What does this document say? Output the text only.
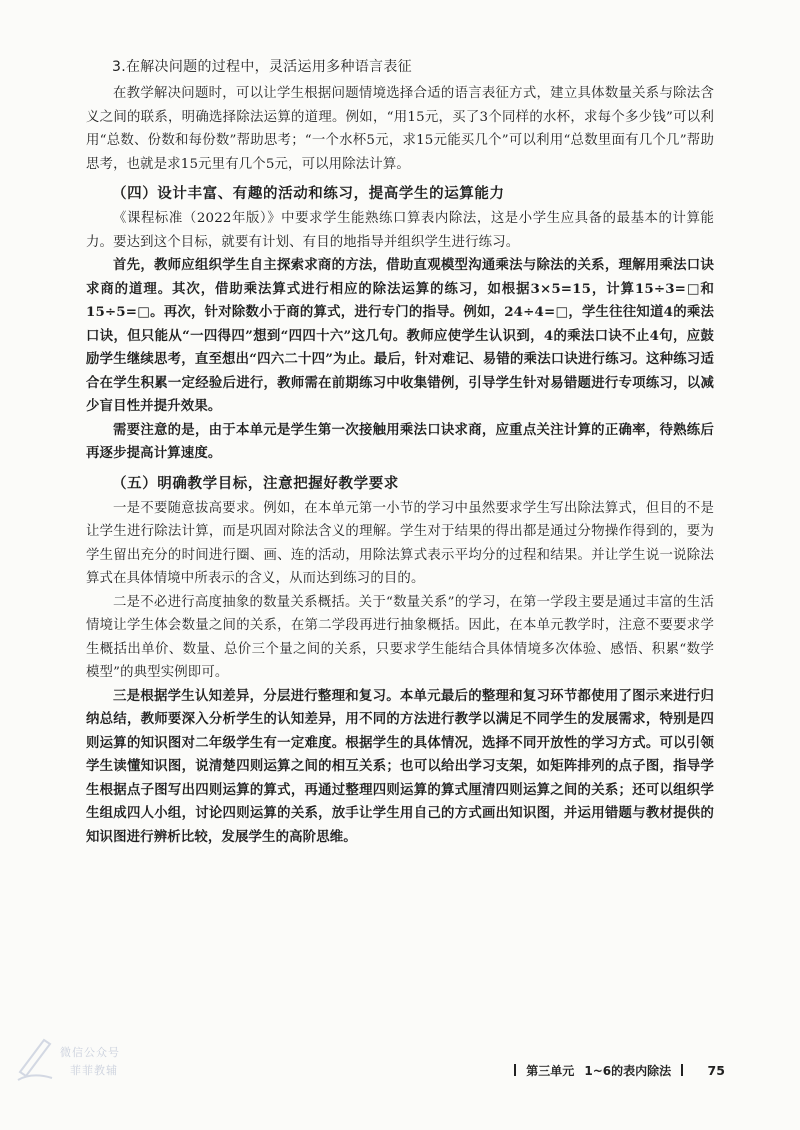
3.在解决问题的过程中，灵活运用多种语言表征

在教学解决问题时，可以让学生根据问题情境选择合适的语言表征方式，建立具体数量关系与除法含义之间的联系，明确选择除法运算的道理。例如，“用15元，买了3个同样的水杯，求每个多少钱”可以利用“总数、份数和每份数”帮助思考；“一个水杯5元，求15元能买几个”可以利用“总数里面有几个几”帮助思考，也就是求15元里有几个5元，可以用除法计算。

（四）设计丰富、有趣的活动和练习，提高学生的运算能力

《课程标准（2022年版）》中要求学生能熟练口算表内除法，这是小学生应具备的最基本的计算能力。要达到这个目标，就要有计划、有目的地指导并组织学生进行练习。

首先，教师应组织学生自主探索求商的方法，借助直观模型沟通乘法与除法的关系，理解用乘法口诀求商的道理。其次，借助乘法算式进行相应的除法运算的练习，如根据3×5=15，计算15÷3=□和15÷5=□。再次，针对除数小于商的算式，进行专门的指导。例如，24÷4=□，学生往往知道4的乘法口诀，但只能从“一四得四”想到“四四十六”这几句。教师应使学生认识到，4的乘法口诀不止4句，应鼓励学生继续思考，直至想出“四六二十四”为止。最后，针对难记、易错的乘法口诀进行练习。这种练习适合在学生积累一定经验后进行，教师需在前期练习中收集错例，引导学生针对易错题进行专项练习，以减少盲目性并提升效果。

需要注意的是，由于本单元是学生第一次接触用乘法口诀求商，应重点关注计算的正确率，待熟练后再逐步提高计算速度。

（五）明确教学目标，注意把握好教学要求

一是不要随意拔高要求。例如，在本单元第一小节的学习中虽然要求学生写出除法算式，但目的不是让学生进行除法计算，而是巩固对除法含义的理解。学生对于结果的得出都是通过分物操作得到的，要为学生留出充分的时间进行圈、画、连的活动，用除法算式表示平均分的过程和结果。并让学生说一说除法算式在具体情境中所表示的含义，从而达到练习的目的。

二是不必进行高度抽象的数量关系概括。关于“数量关系”的学习，在第一学段主要是通过丰富的生活情境让学生体会数量之间的关系，在第二学段再进行抽象概括。因此，在本单元教学时，注意不要要求学生概括出单价、数量、总价三个量之间的关系，只要求学生能结合具体情境多次体验、感悟、积累“数学模型”的典型实例即可。

三是根据学生认知差异，分层进行整理和复习。本单元最后的整理和复习环节都使用了图示来进行归纳总结，教师要深入分析学生的认知差异，用不同的方法进行教学以满足不同学生的发展需求，特别是四则运算的知识图对二年级学生有一定难度。根据学生的具体情况，选择不同开放性的学习方式。可以引领学生读懂知识图，说清楚四则运算之间的相互关系；也可以给出学习支架，如矩阵排列的点子图，指导学生根据点子图写出四则运算的算式，再通过整理四则运算的算式厘清四则运算之间的关系；还可以组织学生组成四人小组，讨论四则运算的关系，放手让学生用自己的方式画出知识图，并运用错题与教材提供的知识图进行辨析比较，发展学生的高阶思维。

微信公众号
菲菲教辅	第三单元 1~6的表内除法	75
